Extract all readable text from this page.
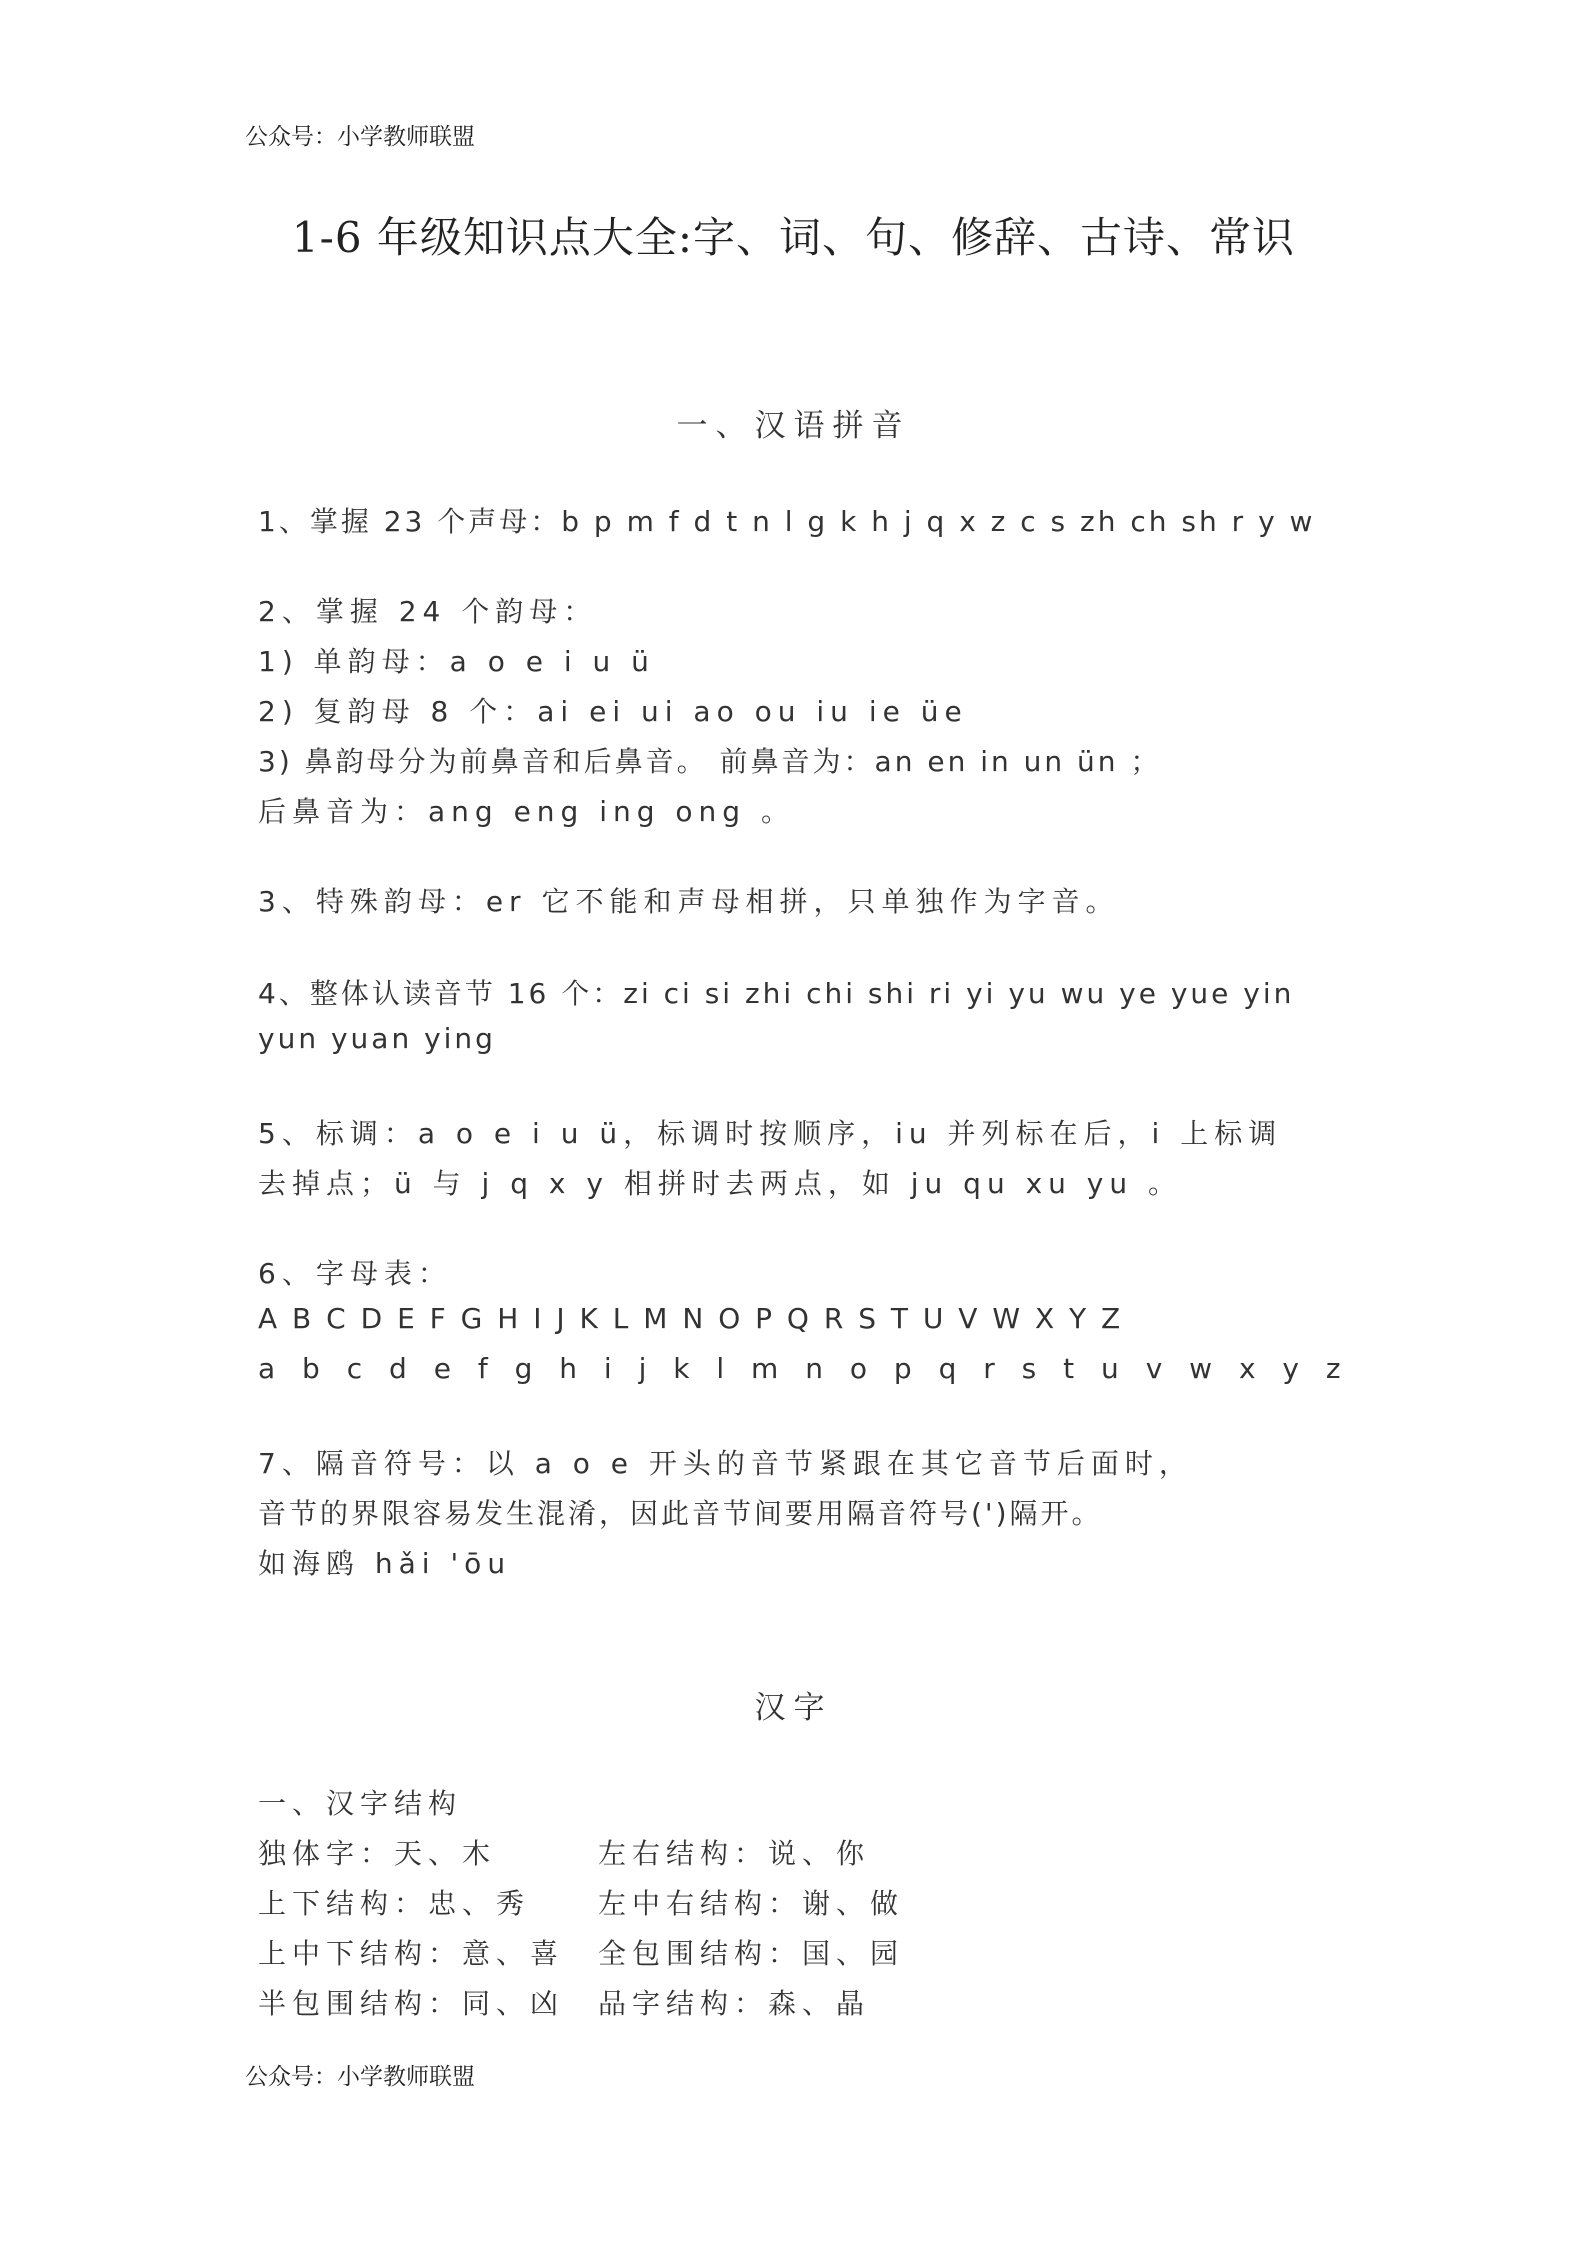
公众号：小学教师联盟
1-6 年级知识点大全:字、词、句、修辞、古诗、常识
一、汉语拼音
1、掌握 23 个声母：b p m f d t n l g k h j q x z c s zh ch sh r y w
2、掌握 24 个韵母：
1) 单韵母：a o e i u ü
2) 复韵母 8 个：ai ei ui ao ou iu ie üe
3) 鼻韵母分为前鼻音和后鼻音。 前鼻音为：an en in un ün ；
后鼻音为：ang eng ing ong 。
3、特殊韵母：er 它不能和声母相拼，只单独作为字音。
4、整体认读音节 16 个：zi ci si zhi chi shi ri yi yu wu ye yue yin
yun yuan ying
5、标调：a o e i u ü，标调时按顺序，iu 并列标在后，i 上标调
去掉点；ü 与 j q x y 相拼时去两点，如 ju qu xu yu 。
6、字母表：
A B C D E F G H I J K L M N O P Q R S T U V W X Y Z
a b c d e f g h i j k l m n o p q r s t u v w x y z
7、隔音符号：以 a o e 开头的音节紧跟在其它音节后面时，
音节的界限容易发生混淆，因此音节间要用隔音符号(')隔开。
如海鸥 hǎi 'ōu
汉字
一、汉字结构
独体字：天、木　　　左右结构：说、你
上下结构：忠、秀　　左中右结构：谢、做
上中下结构：意、喜　全包围结构：国、园
半包围结构：同、凶　品字结构：森、晶
公众号：小学教师联盟
